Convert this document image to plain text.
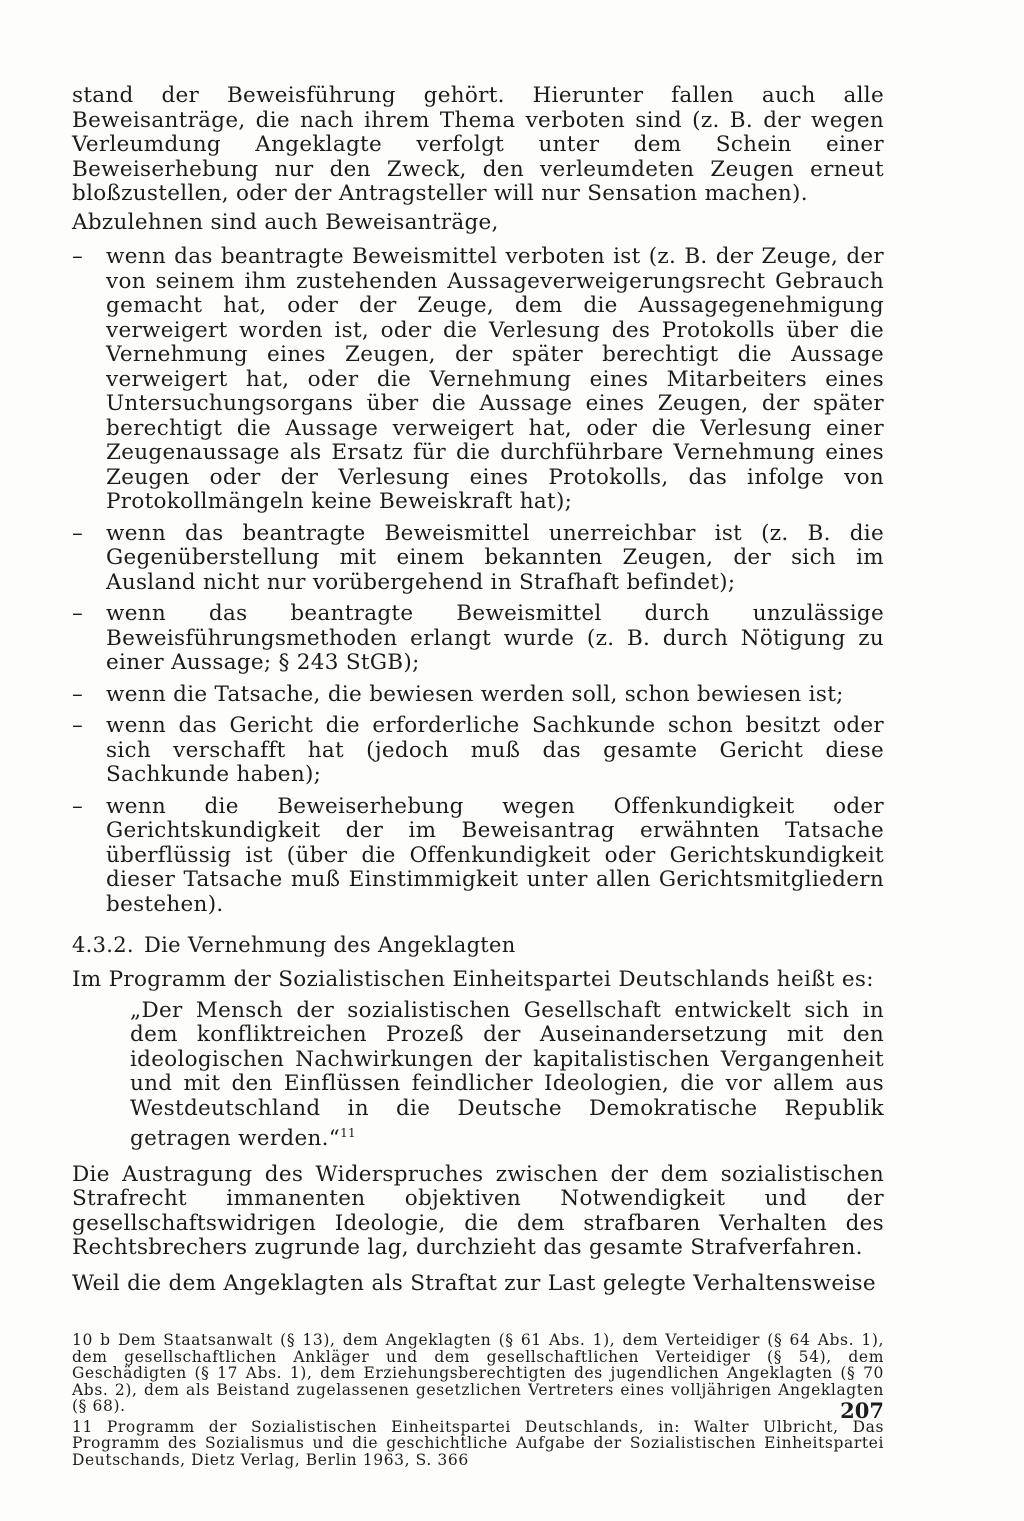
stand der Beweisführung gehört. Hierunter fallen auch alle Beweisanträge, die nach ihrem Thema verboten sind (z. B. der wegen Verleumdung Angeklagte verfolgt unter dem Schein einer Beweiserhebung nur den Zweck, den verleumdeten Zeugen erneut bloßzustellen, oder der Antragsteller will nur Sensation machen).

Abzulehnen sind auch Beweisanträge,

– wenn das beantragte Beweismittel verboten ist (z. B. der Zeuge, der von seinem ihm zustehenden Aussageverweigerungsrecht Gebrauch gemacht hat, oder der Zeuge, dem die Aussagegenehmigung verweigert worden ist, oder die Verlesung des Protokolls über die Vernehmung eines Zeugen, der später berechtigt die Aussage verweigert hat, oder die Vernehmung eines Mitarbeiters eines Untersuchungsorgans über die Aussage eines Zeugen, der später berechtigt die Aussage verweigert hat, oder die Verlesung einer Zeugenaussage als Ersatz für die durchführbare Vernehmung eines Zeugen oder der Verlesung eines Protokolls, das infolge von Protokollmängeln keine Beweiskraft hat);
– wenn das beantragte Beweismittel unerreichbar ist (z. B. die Gegenüberstellung mit einem bekannten Zeugen, der sich im Ausland nicht nur vorübergehend in Strafhaft befindet);
– wenn das beantragte Beweismittel durch unzulässige Beweisführungsmethoden erlangt wurde (z. B. durch Nötigung zu einer Aussage; § 243 StGB);
– wenn die Tatsache, die bewiesen werden soll, schon bewiesen ist;
– wenn das Gericht die erforderliche Sachkunde schon besitzt oder sich verschafft hat (jedoch muß das gesamte Gericht diese Sachkunde haben);
– wenn die Beweiserhebung wegen Offenkundigkeit oder Gerichtskundigkeit der im Beweisantrag erwähnten Tatsache überflüssig ist (über die Offenkundigkeit oder Gerichtskundigkeit dieser Tatsache muß Einstimmigkeit unter allen Gerichtsmitgliedern bestehen).
4.3.2. Die Vernehmung des Angeklagten

Im Programm der Sozialistischen Einheitspartei Deutschlands heißt es:

„Der Mensch der sozialistischen Gesellschaft entwickelt sich in dem konfliktreichen Prozeß der Auseinandersetzung mit den ideologischen Nachwirkungen der kapitalistischen Vergangenheit und mit den Einflüssen feindlicher Ideologien, die vor allem aus Westdeutschland in die Deutsche Demokratische Republik getragen werden.“$^{11}$

Die Austragung des Widerspruches zwischen der dem sozialistischen Strafrecht immanenten objektiven Notwendigkeit und der gesellschaftswidrigen Ideologie, die dem strafbaren Verhalten des Rechtsbrechers zugrunde lag, durchzieht das gesamte Strafverfahren.

Weil die dem Angeklagten als Straftat zur Last gelegte Verhaltensweise

10 b Dem Staatsanwalt (§ 13), dem Angeklagten (§ 61 Abs. 1), dem Verteidiger (§ 64 Abs. 1), dem gesellschaftlichen Ankläger und dem gesellschaftlichen Verteidiger (§ 54), dem Geschädigten (§ 17 Abs. 1), dem Erziehungsberechtigten des jugendlichen Angeklagten (§ 70 Abs. 2), dem als Beistand zugelassenen gesetzlichen Vertreters eines volljährigen Angeklagten (§ 68).

11 Programm der Sozialistischen Einheitspartei Deutschlands, in: Walter Ulbricht, Das Programm des Sozialismus und die geschichtliche Aufgabe der Sozialistischen Einheitspartei Deutschands, Dietz Verlag, Berlin 1963, S. 366

207
